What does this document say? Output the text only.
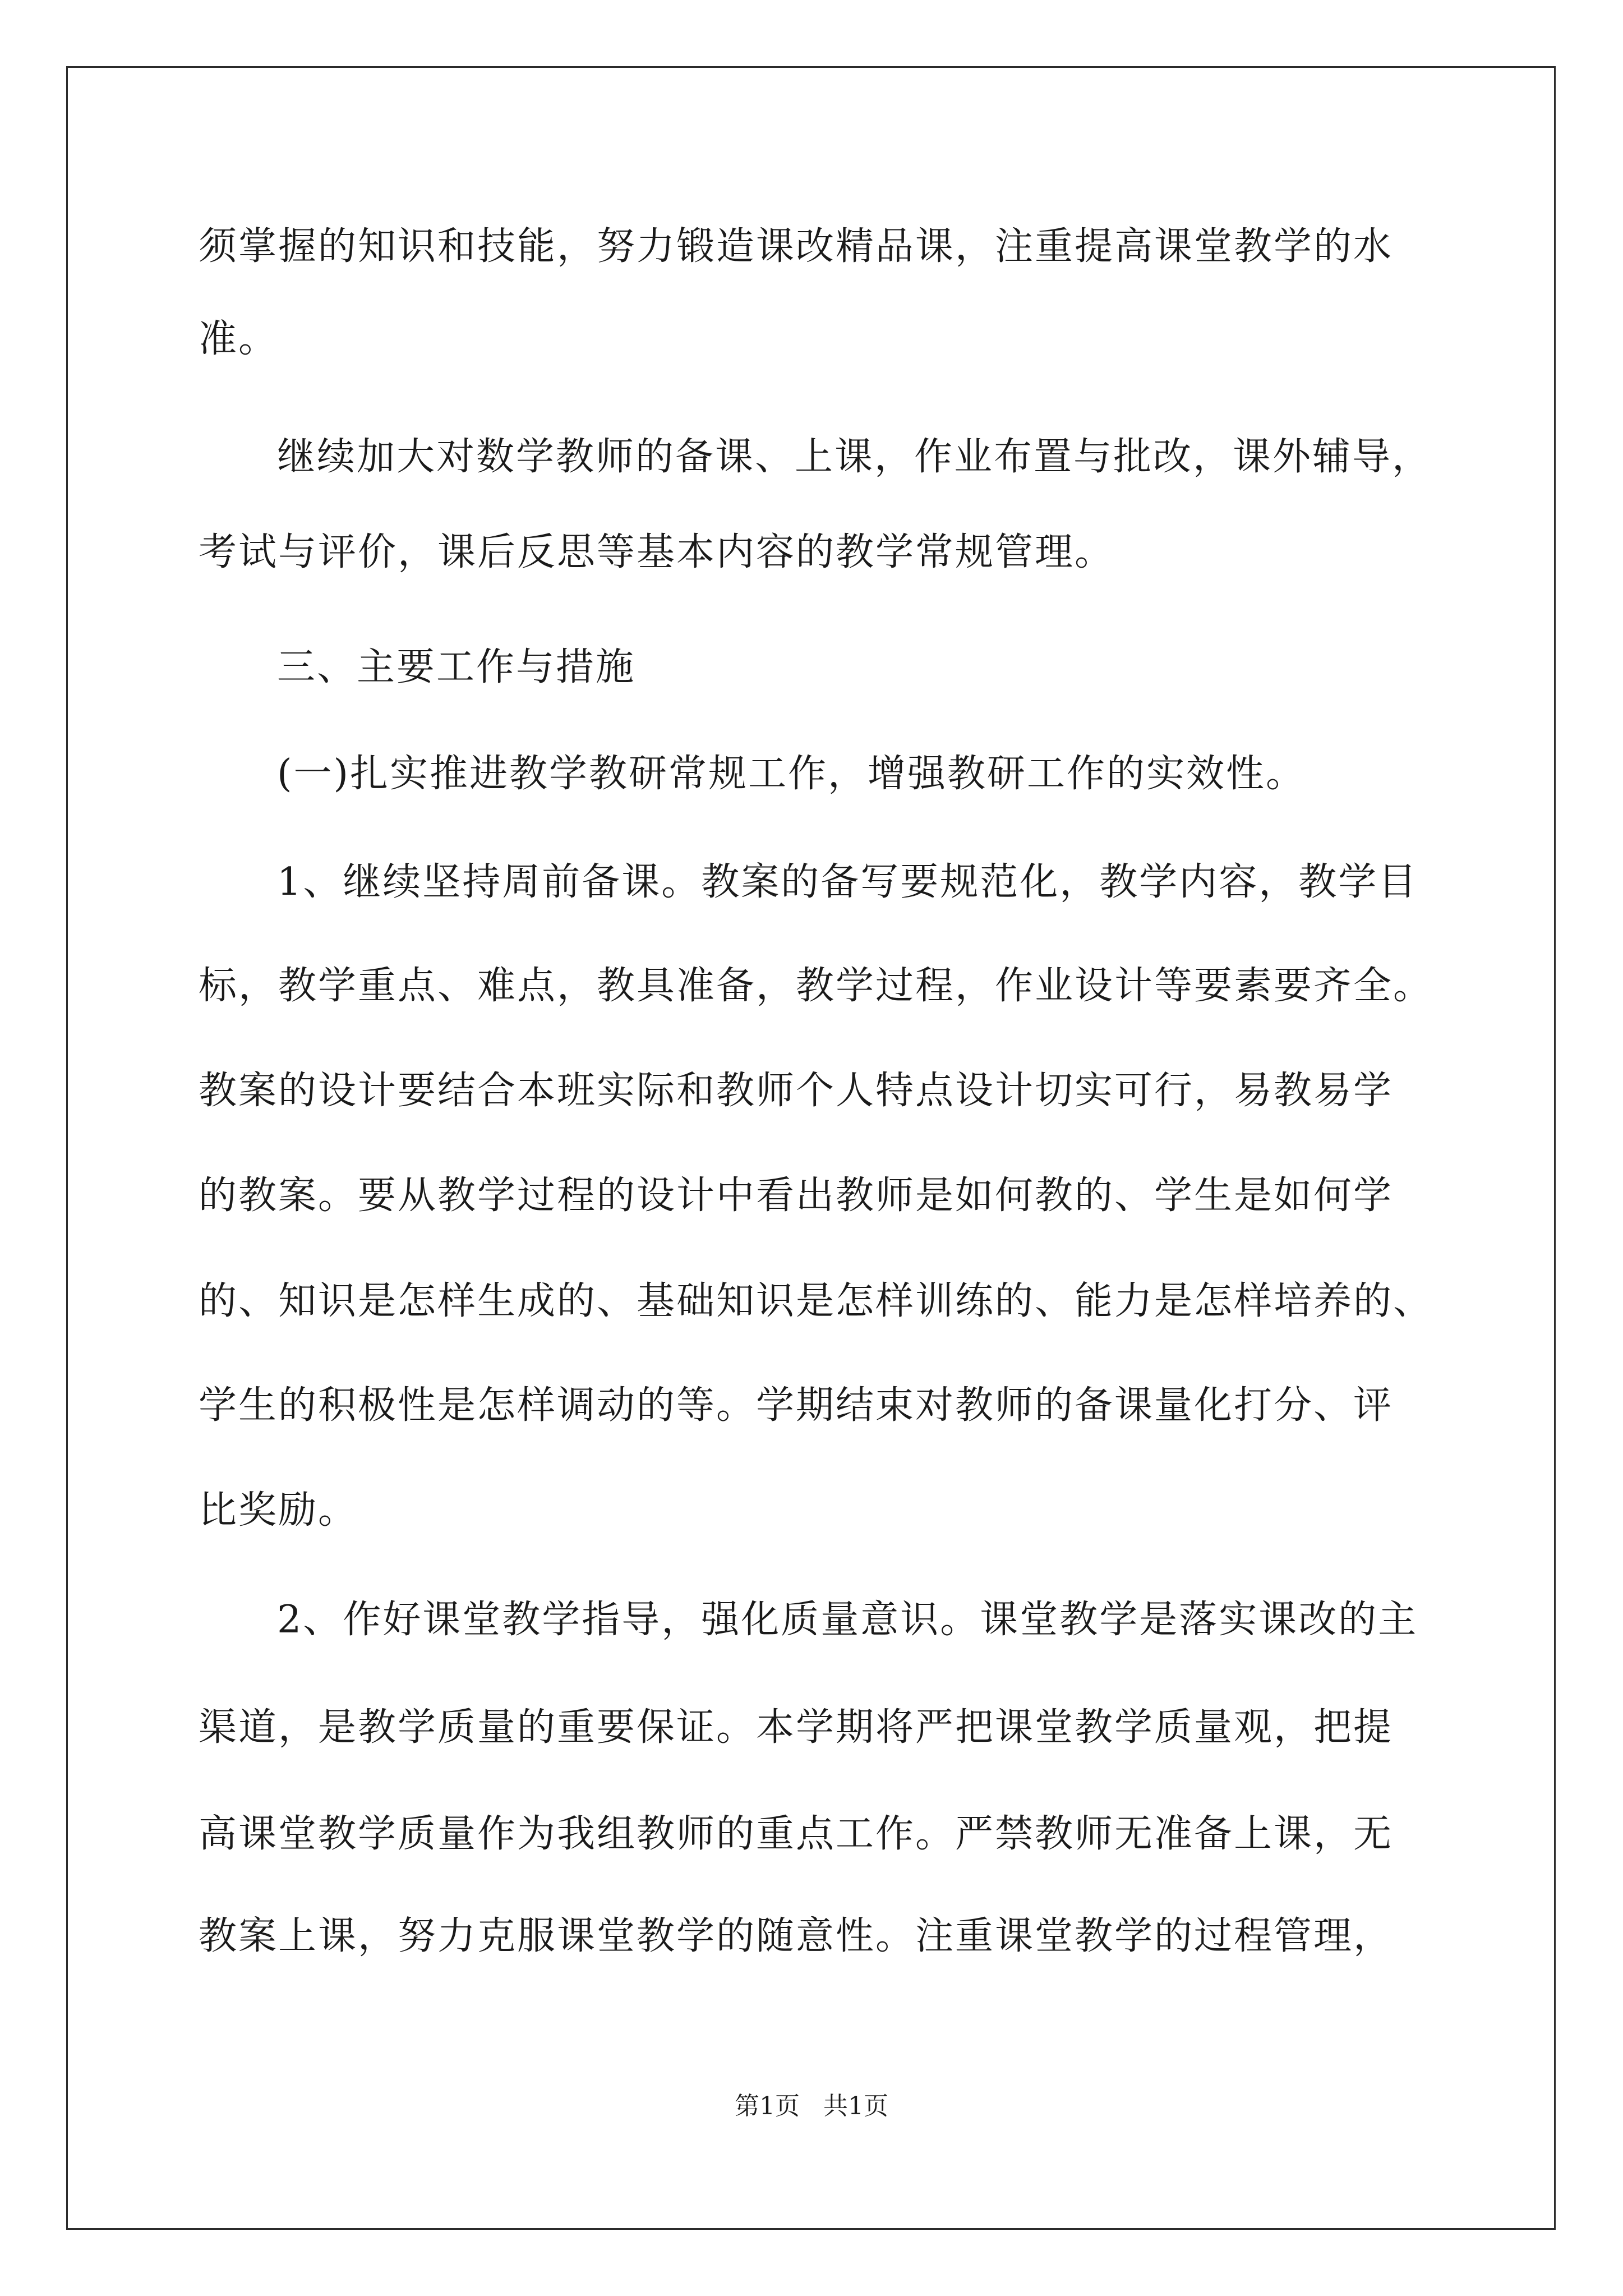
须掌握的知识和技能，努力锻造课改精品课，注重提高课堂教学的水
准。
继续加大对数学教师的备课、上课，作业布置与批改，课外辅导，
考试与评价，课后反思等基本内容的教学常规管理。
三、主要工作与措施
(一)扎实推进教学教研常规工作，增强教研工作的实效性。
1、继续坚持周前备课。教案的备写要规范化，教学内容，教学目
标，教学重点、难点，教具准备，教学过程，作业设计等要素要齐全。
教案的设计要结合本班实际和教师个人特点设计切实可行，易教易学
的教案。要从教学过程的设计中看出教师是如何教的、学生是如何学
的、知识是怎样生成的、基础知识是怎样训练的、能力是怎样培养的、
学生的积极性是怎样调动的等。学期结束对教师的备课量化打分、评
比奖励。
2、作好课堂教学指导，强化质量意识。课堂教学是落实课改的主
渠道，是教学质量的重要保证。本学期将严把课堂教学质量观，把提
高课堂教学质量作为我组教师的重点工作。严禁教师无准备上课，无
教案上课，努力克服课堂教学的随意性。注重课堂教学的过程管理，
第1页   共1页
